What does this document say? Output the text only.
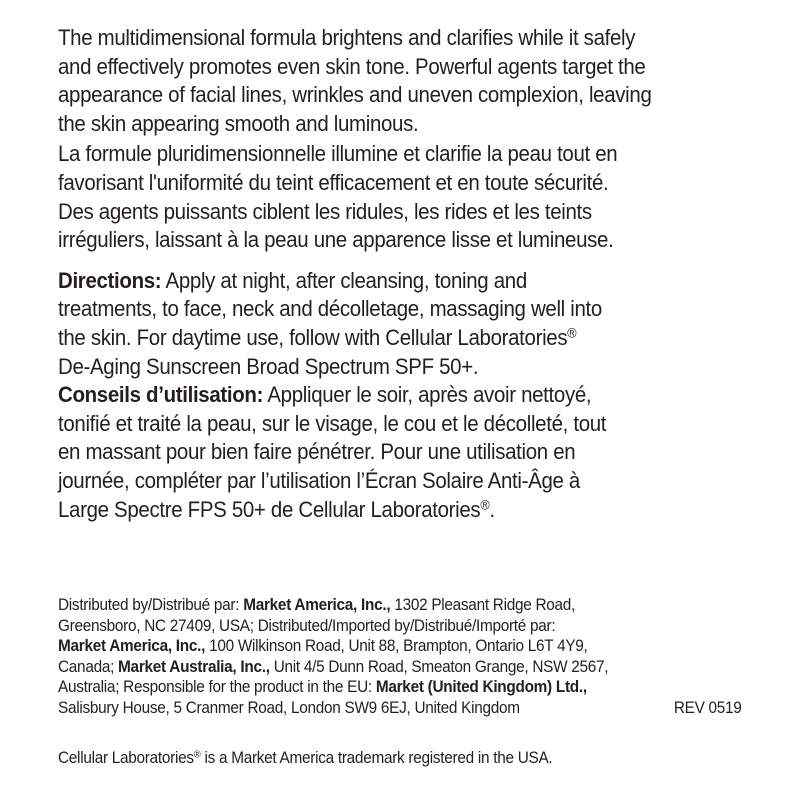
The multidimensional formula brightens and clarifies while it safely
and effectively promotes even skin tone. Powerful agents target the
appearance of facial lines, wrinkles and uneven complexion, leaving
the skin appearing smooth and luminous.

La formule pluridimensionnelle illumine et clarifie la peau tout en
favorisant l'uniformité du teint efficacement et en toute sécurité.
Des agents puissants ciblent les ridules, les rides et les teints
irréguliers, laissant à la peau une apparence lisse et lumineuse.

Directions: Apply at night, after cleansing, toning and
treatments, to face, neck and décolletage, massaging well into
the skin. For daytime use, follow with Cellular Laboratories®
De-Aging Sunscreen Broad Spectrum SPF 50+.

Conseils d’utilisation: Appliquer le soir, après avoir nettoyé,
tonifié et traité la peau, sur le visage, le cou et le décolleté, tout
en massant pour bien faire pénétrer. Pour une utilisation en
journée, compléter par l’utilisation l’Écran Solaire Anti-Âge à
Large Spectre FPS 50+ de Cellular Laboratories®.

Distributed by/Distribué par: Market America, Inc., 1302 Pleasant Ridge Road,
Greensboro, NC 27409, USA; Distributed/Imported by/Distribué/Importé par:
Market America, Inc., 100 Wilkinson Road, Unit 88, Brampton, Ontario L6T 4Y9,
Canada; Market Australia, Inc., Unit 4/5 Dunn Road, Smeaton Grange, NSW 2567,
Australia; Responsible for the product in the EU: Market (United Kingdom) Ltd.,
Salisbury House, 5 Cranmer Road, London SW9 6EJ, United Kingdom	REV 0519

Cellular Laboratories® is a Market America trademark registered in the USA.
